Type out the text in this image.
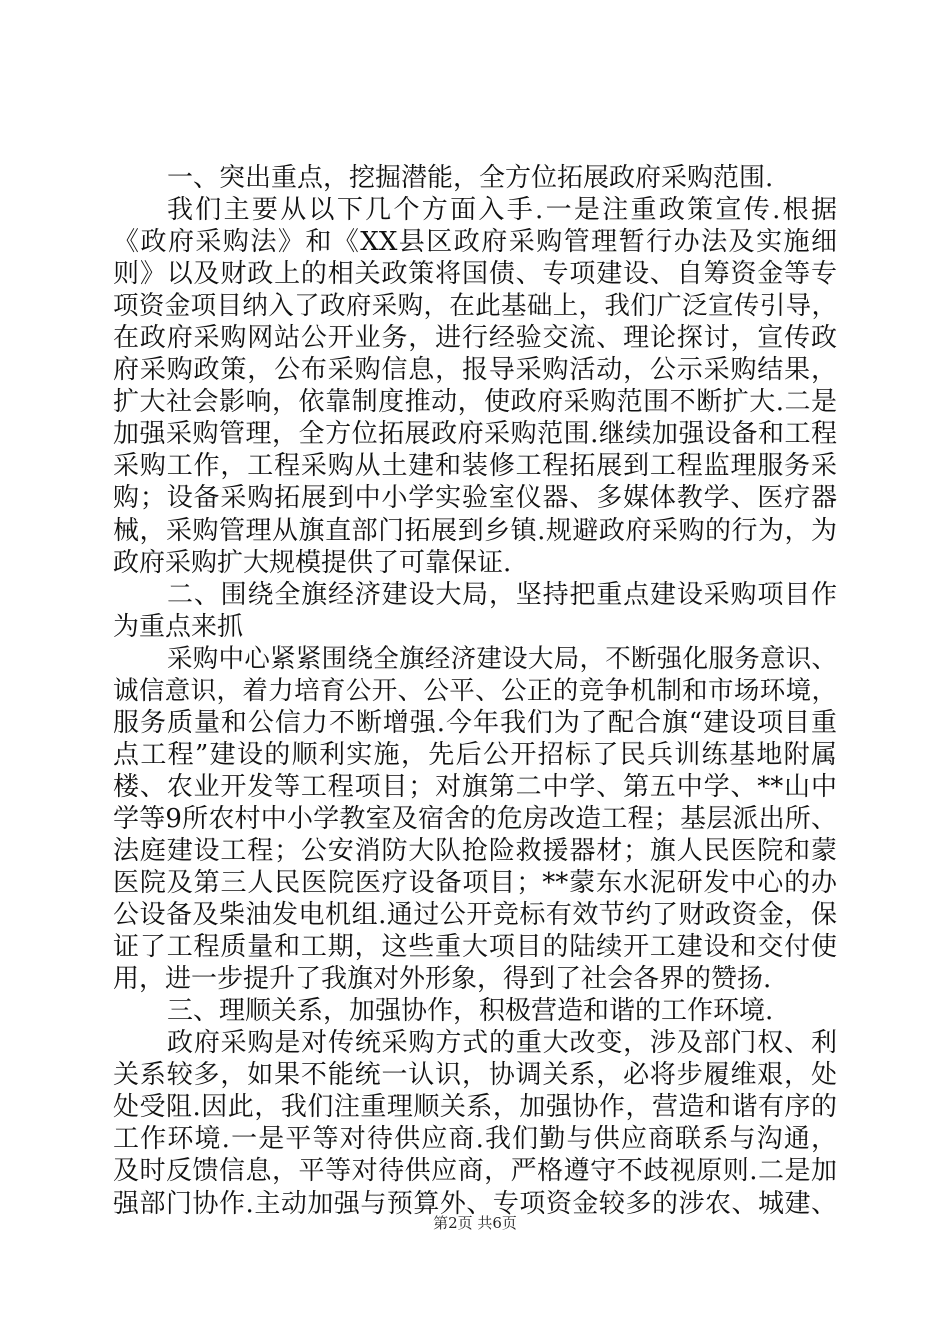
一、突出重点，挖掘潜能，全方位拓展政府采购范围.
我们主要从以下几个方面入手.一是注重政策宣传.根据
《政府采购法》和《XX县区政府采购管理暂行办法及实施细
则》以及财政上的相关政策将国债、专项建设、自筹资金等专
项资金项目纳入了政府采购，在此基础上，我们广泛宣传引导，
在政府采购网站公开业务，进行经验交流、理论探讨，宣传政
府采购政策，公布采购信息，报导采购活动，公示采购结果，
扩大社会影响，依靠制度推动，使政府采购范围不断扩大.二是
加强采购管理，全方位拓展政府采购范围.继续加强设备和工程
采购工作，工程采购从土建和装修工程拓展到工程监理服务采
购；设备采购拓展到中小学实验室仪器、多媒体教学、医疗器
械，采购管理从旗直部门拓展到乡镇.规避政府采购的行为，为
政府采购扩大规模提供了可靠保证.
二、围绕全旗经济建设大局，坚持把重点建设采购项目作
为重点来抓
采购中心紧紧围绕全旗经济建设大局，不断强化服务意识、
诚信意识，着力培育公开、公平、公正的竞争机制和市场环境，
服务质量和公信力不断增强.今年我们为了配合旗“建设项目重
点工程”建设的顺利实施，先后公开招标了民兵训练基地附属
楼、农业开发等工程项目；对旗第二中学、第五中学、**山中
学等9所农村中小学教室及宿舍的危房改造工程；基层派出所、
法庭建设工程；公安消防大队抢险救援器材；旗人民医院和蒙
医院及第三人民医院医疗设备项目；**蒙东水泥研发中心的办
公设备及柴油发电机组.通过公开竞标有效节约了财政资金，保
证了工程质量和工期，这些重大项目的陆续开工建设和交付使
用，进一步提升了我旗对外形象，得到了社会各界的赞扬.
三、理顺关系，加强协作，积极营造和谐的工作环境.
政府采购是对传统采购方式的重大改变，涉及部门权、利
关系较多，如果不能统一认识，协调关系，必将步履维艰，处
处受阻.因此，我们注重理顺关系，加强协作，营造和谐有序的
工作环境.一是平等对待供应商.我们勤与供应商联系与沟通，
及时反馈信息，平等对待供应商，严格遵守不歧视原则.二是加
强部门协作.主动加强与预算外、专项资金较多的涉农、城建、
第2页 共6页
